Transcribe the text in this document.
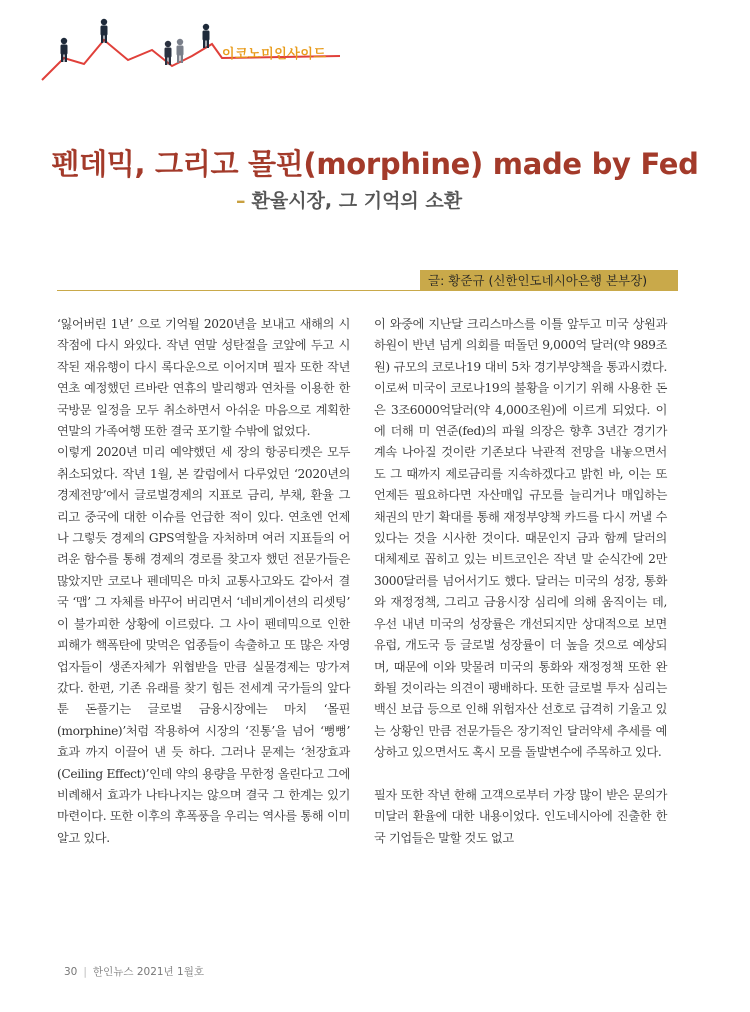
이코노미인사이드
펜데믹, 그리고 몰핀(morphine) made by Fed
– 환율시장, 그 기억의 소환
글: 황준규 (신한인도네시아은행 본부장)

‘잃어버린 1년’ 으로 기억될 2020년을 보내고 새해의 시작점에 다시 와있다. 작년 연말 성탄절을 코앞에 두고 시작된 재유행이 다시 록다운으로 이어지며 필자 또한 작년 연초 예정했던 르바란 연휴의 발리행과 연차를 이용한 한국방문 일정을 모두 취소하면서 아쉬운 마음으로 계획한 연말의 가족여행 또한 결국 포기할 수밖에 없었다.

이렇게 2020년 미리 예약했던 세 장의 항공티켓은 모두 취소되었다. 작년 1월, 본 칼럼에서 다루었던 ‘2020년의 경제전망’에서 글로벌경제의 지표로 금리, 부채, 환율 그리고 중국에 대한 이슈를 언급한 적이 있다. 연초엔 언제나 그렇듯 경제의 GPS역할을 자처하며 여러 지표들의 어려운 함수를 통해 경제의 경로를 찾고자 했던 전문가들은 많았지만 코로나 펜데믹은 마치 교통사고와도 같아서 결국 ‘맵’ 그 자체를 바꾸어 버리면서 ‘네비게이션의 리셋팅’ 이 불가피한 상황에 이르렀다. 그 사이 펜데믹으로 인한 피해가 핵폭탄에 맞먹은 업종들이 속출하고 또 많은 자영업자들이 생존자체가 위협받을 만큼 실물경제는 망가져 갔다. 한편, 기존 유래를 찾기 힘든 전세계 국가들의 앞다툰 돈풀기는 글로벌 금융시장에는 마치 ‘몰핀(morphine)’처럼 작용하여 시장의 ‘진통’을 넘어 ‘뻥뻥’ 효과 까지 이끌어 낸 듯 하다. 그러나 문제는 ‘천장효과(Ceiling Effect)’인데 약의 용량을 무한정 올린다고 그에 비례해서 효과가 나타나지는 않으며 결국 그 한계는 있기 마련이다. 또한 이후의 후폭풍을 우리는 역사를 통해 이미 알고 있다.

이 와중에 지난달 크리스마스를 이틀 앞두고 미국 상원과 하원이 반년 넘게 의회를 떠돌던 9,000억 달러(약 989조원) 규모의 코로나19 대비 5차 경기부양책을 통과시켰다. 이로써 미국이 코로나19의 불황을 이기기 위해 사용한 돈은 3조6000억달러(약 4,000조원)에 이르게 되었다. 이에 더해 미 연준(fed)의 파월 의장은 향후 3년간 경기가 계속 나아질 것이란 기존보다 낙관적 전망을 내놓으면서도 그 때까지 제로금리를 지속하겠다고 밝힌 바, 이는 또 언제든 필요하다면 자산매입 규모를 늘리거나 매입하는 채권의 만기 확대를 통해 재정부양책 카드를 다시 꺼낼 수 있다는 것을 시사한 것이다. 때문인지 금과 함께 달러의 대체제로 꼽히고 있는 비트코인은 작년 말 순식간에 2만3000달러를 넘어서기도 했다. 달러는 미국의 성장, 통화와 재정정책, 그리고 금융시장 심리에 의해 움직이는 데, 우선 내년 미국의 성장률은 개선되지만 상대적으로 보면 유럽, 개도국 등 글로벌 성장률이 더 높을 것으로 예상되며, 때문에 이와 맞물려 미국의 통화와 재정정책 또한 완화될 것이라는 의견이 팽배하다. 또한 글로벌 투자 심리는 백신 보급 등으로 인해 위험자산 선호로 급격히 기울고 있는 상황인 만큼 전문가들은 장기적인 달러약세 추세를 예상하고 있으면서도 혹시 모를 돌발변수에 주목하고 있다.

필자 또한 작년 한해 고객으로부터 가장 많이 받은 문의가 미달러 환율에 대한 내용이었다. 인도네시아에 진출한 한국 기업들은 말할 것도 없고

30 | 한인뉴스 2021년 1월호
